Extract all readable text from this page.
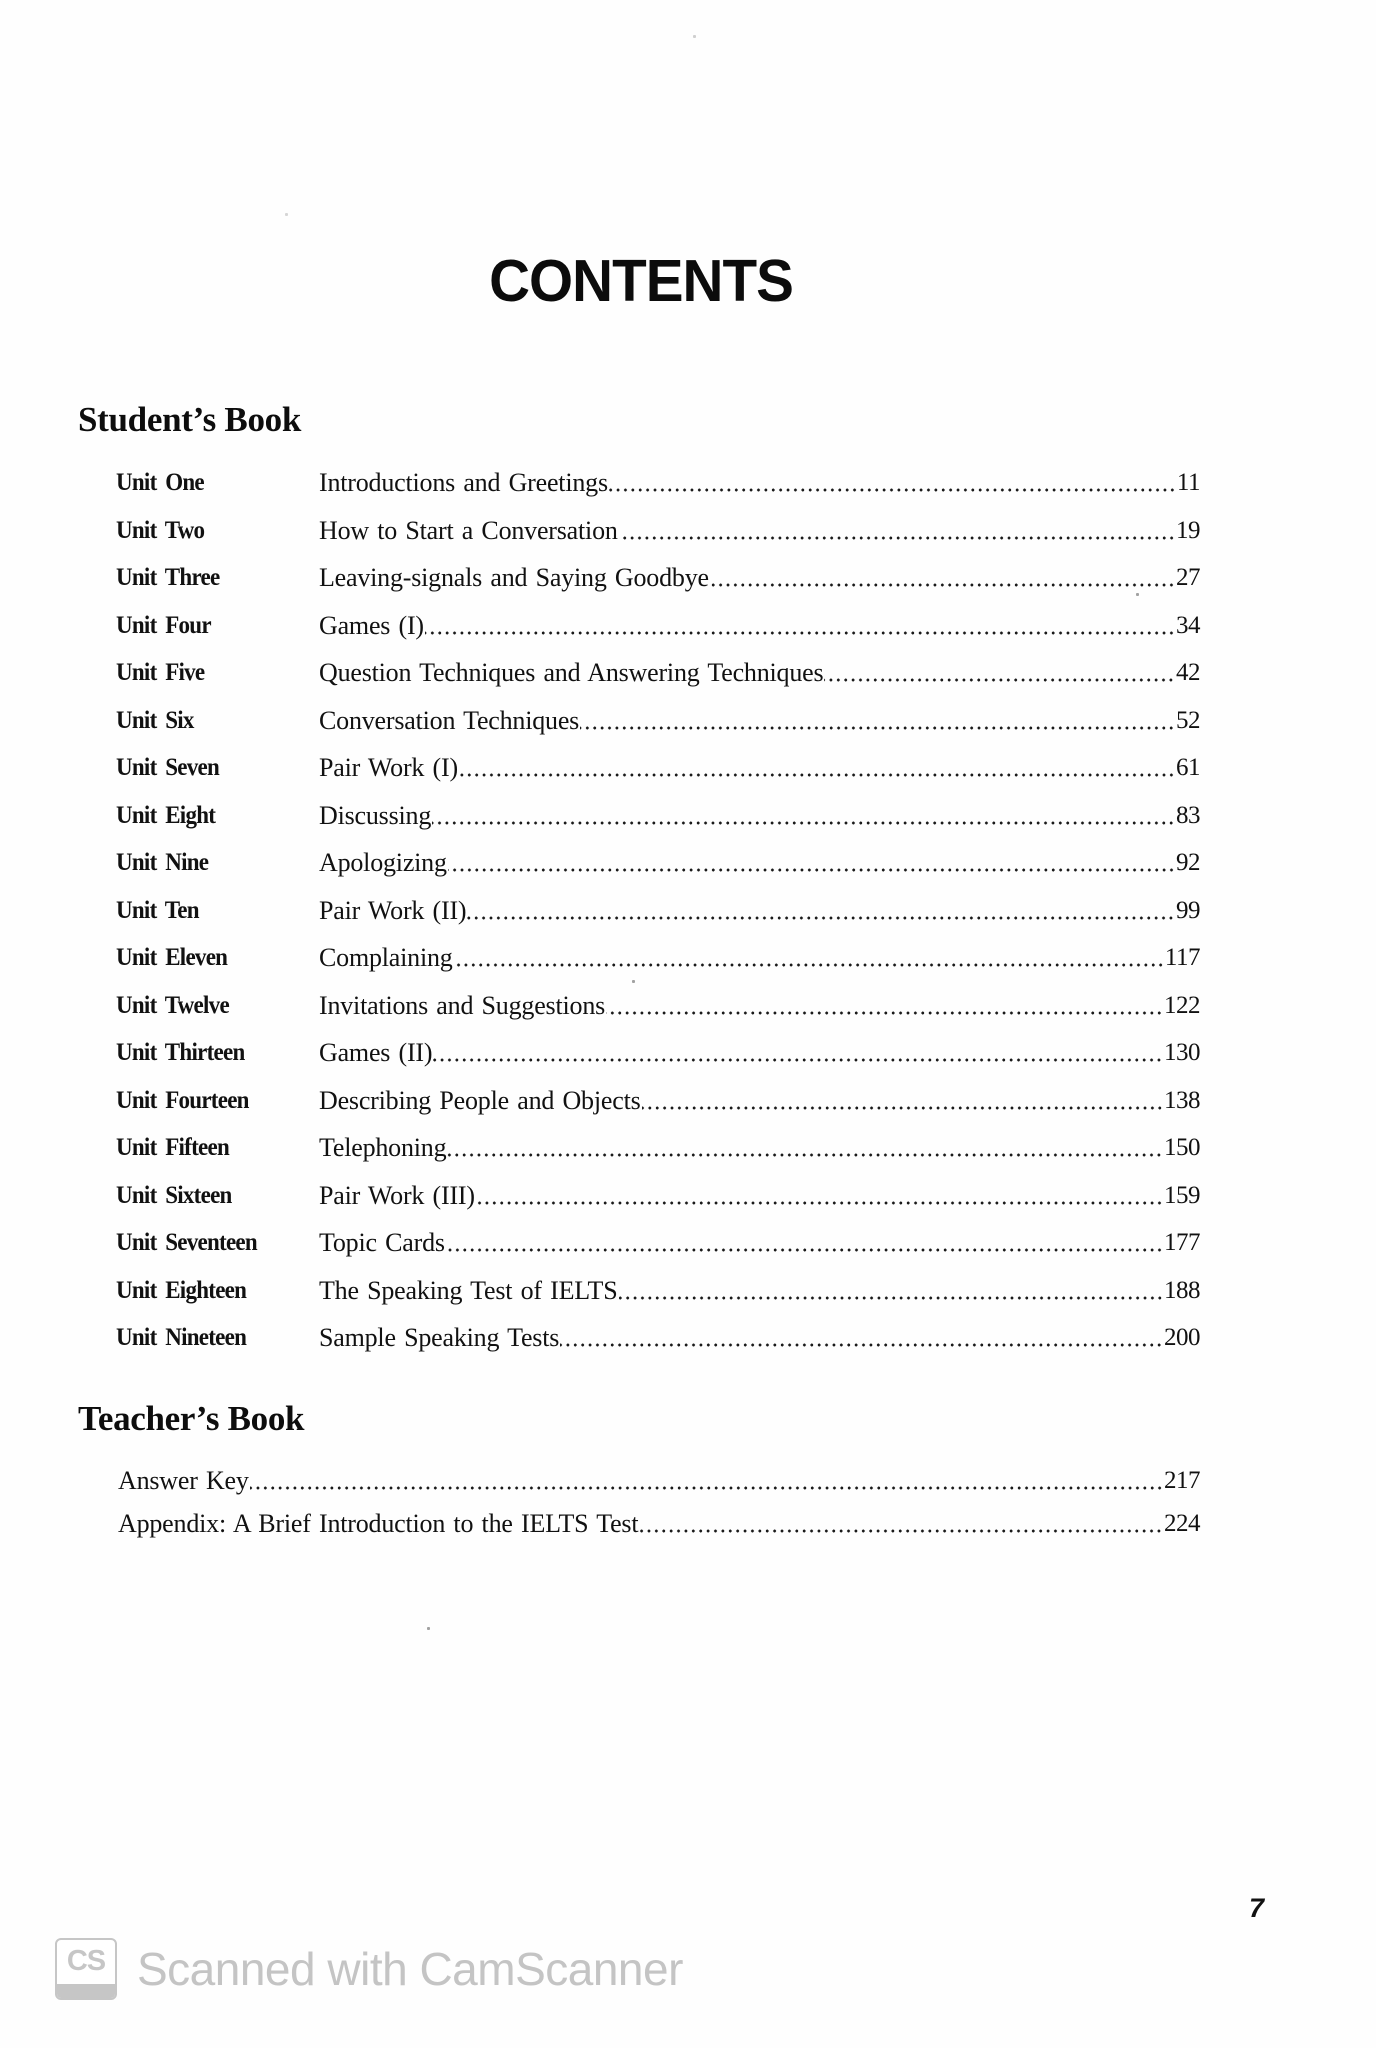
CONTENTS
Student’s Book
Unit One	Introductions and Greetings	11
Unit Two	How to Start a Conversation	19
Unit Three	Leaving-signals and Saying Goodbye	27
Unit Four	Games (I)	34
Unit Five	Question Techniques and Answering Techniques	42
Unit Six	Conversation Techniques	52
Unit Seven	Pair Work (I)	61
Unit Eight	Discussing	83
Unit Nine	Apologizing	92
Unit Ten	Pair Work (II)	99
Unit Eleven	Complaining	117
Unit Twelve	Invitations and Suggestions	122
Unit Thirteen	Games (II)	130
Unit Fourteen	Describing People and Objects	138
Unit Fifteen	Telephoning	150
Unit Sixteen	Pair Work (III)	159
Unit Seventeen	Topic Cards	177
Unit Eighteen	The Speaking Test of IELTS	188
Unit Nineteen	Sample Speaking Tests	200
Teacher’s Book
Answer Key	217
Appendix: A Brief Introduction to the IELTS Test	224
7
CS Scanned with CamScanner
